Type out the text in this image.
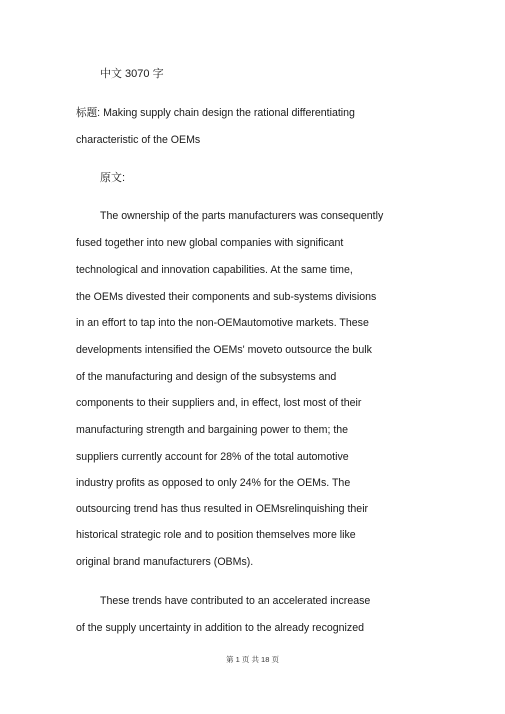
中文 3070 字
标题: Making supply chain design the rational differentiating
characteristic of the OEMs
原文:
The ownership of the parts manufacturers was consequently
fused together into new global companies with significant
technological and innovation capabilities. At the same time,
the OEMs divested their components and sub-systems divisions
in an effort to tap into the non-OEMautomotive markets. These
developments intensified the OEMs' moveto outsource the bulk
of the manufacturing and design of the subsystems and
components to their suppliers and, in effect, lost most of their
manufacturing strength and bargaining power to them; the
suppliers currently account for 28% of the total automotive
industry profits as opposed to only 24% for the OEMs. The
outsourcing trend has thus resulted in OEMsrelinquishing their
historical strategic role and to position themselves more like
original brand manufacturers (OBMs).
These trends have contributed to an accelerated increase
of the supply uncertainty in addition to the already recognized
第 1 页 共 18 页
